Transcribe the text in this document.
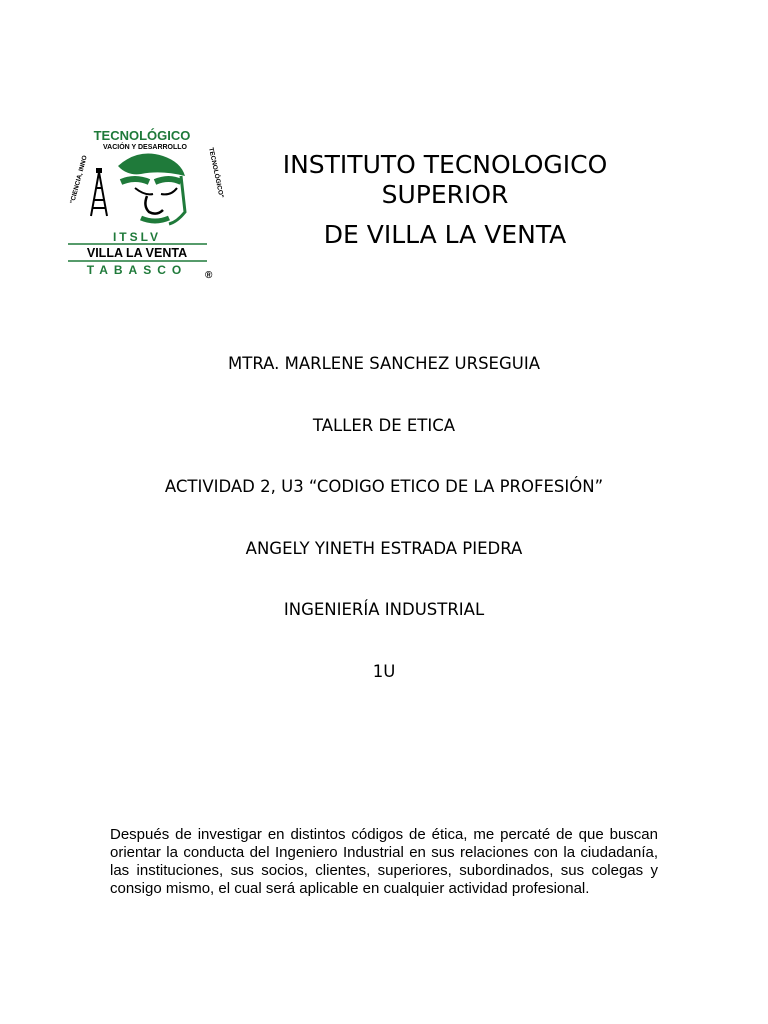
TECNOLÓGICO
VACIÓN Y DESARROLLO
"CIENCIA, INNO	TECNOLÓGICO"
ITSLV
VILLA LA VENTA
TABASCO ®
INSTITUTO TECNOLOGICO
SUPERIOR
DE VILLA LA VENTA
MTRA. MARLENE SANCHEZ URSEGUIA
TALLER DE ETICA
ACTIVIDAD 2, U3 “CODIGO ETICO DE LA PROFESIÓN”
ANGELY YINETH ESTRADA PIEDRA
INGENIERÍA INDUSTRIAL
1U
Después de investigar en distintos códigos de ética, me percaté de que buscan orientar la conducta del Ingeniero Industrial en sus relaciones con la ciudadanía, las instituciones, sus socios, clientes, superiores, subordinados, sus colegas y consigo mismo, el cual será aplicable en cualquier actividad profesional.
